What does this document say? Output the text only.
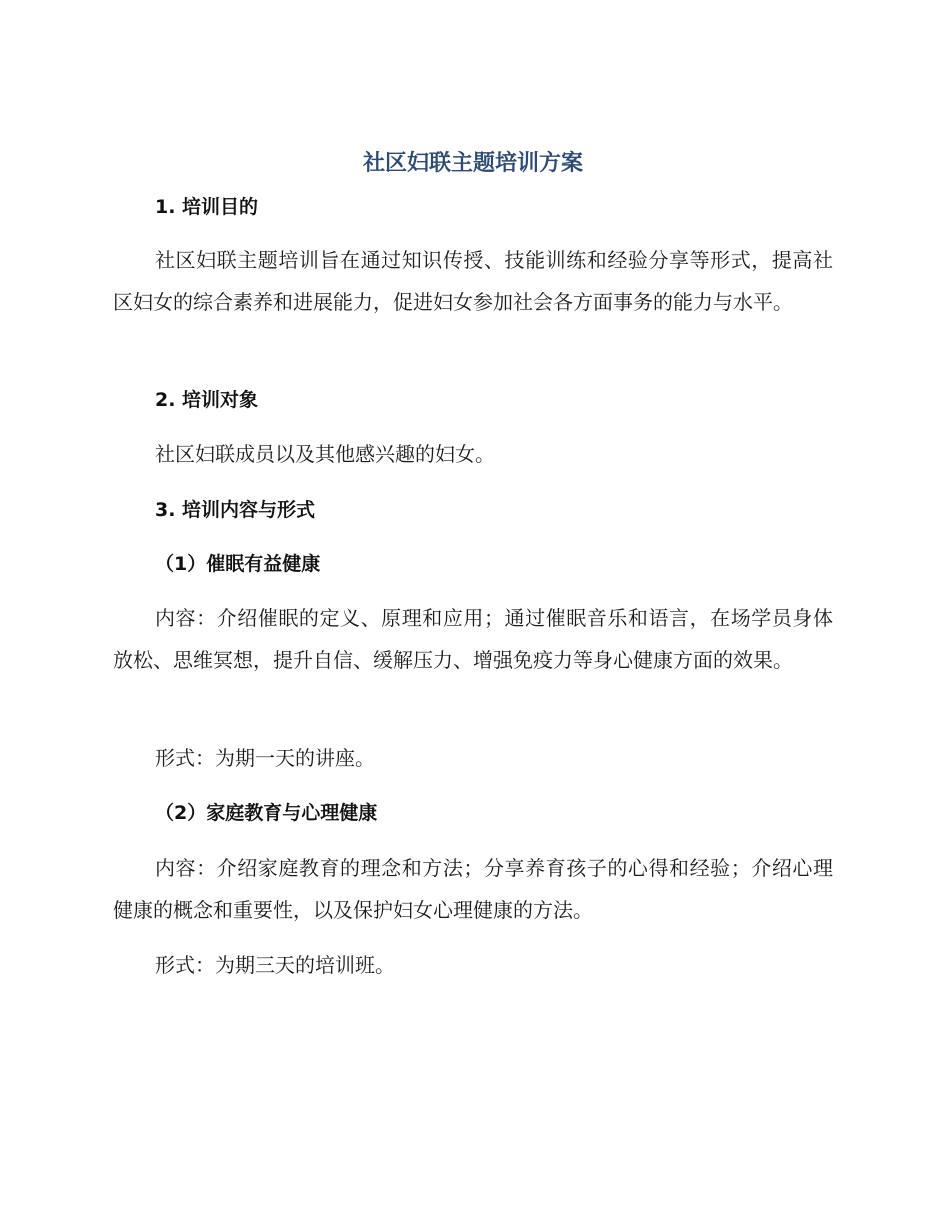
社区妇联主题培训方案
1. 培训目的

社区妇联主题培训旨在通过知识传授、技能训练和经验分享等形式，提高社区妇女的综合素养和进展能力，促进妇女参加社会各方面事务的能力与水平。

2. 培训对象

社区妇联成员以及其他感兴趣的妇女。

3. 培训内容与形式
（1）催眠有益健康

内容：介绍催眠的定义、原理和应用；通过催眠音乐和语言，在场学员身体放松、思维冥想，提升自信、缓解压力、增强免疫力等身心健康方面的效果。

形式：为期一天的讲座。

（2）家庭教育与心理健康

内容：介绍家庭教育的理念和方法；分享养育孩子的心得和经验；介绍心理健康的概念和重要性，以及保护妇女心理健康的方法。

形式：为期三天的培训班。
